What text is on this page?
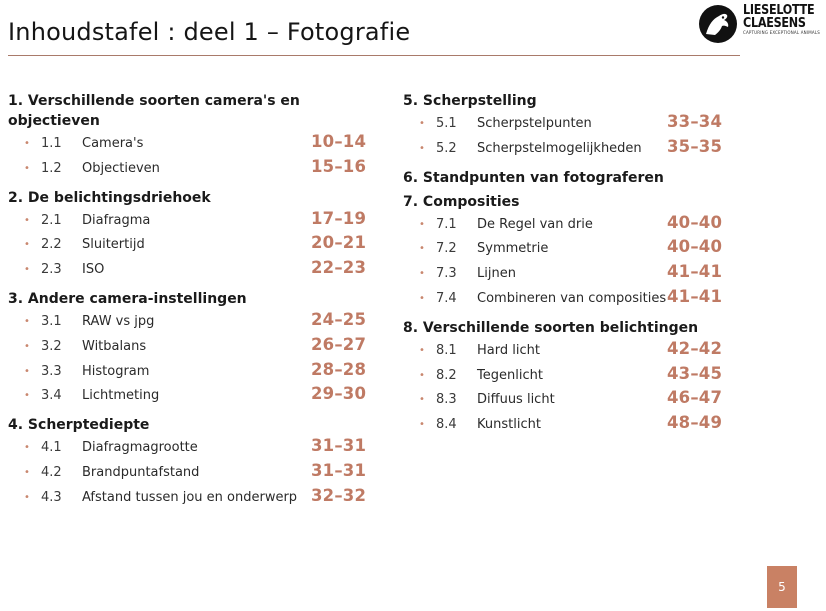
Inhoudstafel : deel 1 – Fotografie
LIESELOTTE
CLAESENS
CAPTURING EXCEPTIONAL ANIMALS
1. Verschillende soorten camera's en objectieven
• 1.1 Camera's	10–14
• 1.2 Objectieven	15–16
2. De belichtingsdriehoek
• 2.1 Diafragma	17–19
• 2.2 Sluitertijd	20–21
• 2.3 ISO	22–23
3. Andere camera-instellingen
• 3.1 RAW vs jpg	24–25
• 3.2 Witbalans	26–27
• 3.3 Histogram	28–28
• 3.4 Lichtmeting	29–30
4. Scherptediepte
• 4.1 Diafragmagrootte	31–31
• 4.2 Brandpuntafstand	31–31
• 4.3 Afstand tussen jou en onderwerp 32–32
5. Scherpstelling
• 5.1 Scherpstelpunten	33–34
• 5.2 Scherpstelmogelijkheden 35–35
6. Standpunten van fotograferen
7. Composities
• 7.1 De Regel van drie	40–40
• 7.2 Symmetrie	40–40
• 7.3 Lijnen	41–41
• 7.4 Combineren van composities 41–41
8. Verschillende soorten belichtingen
• 8.1 Hard licht	42–42
• 8.2 Tegenlicht	43–45
• 8.3 Diffuus licht	46–47
• 8.4 Kunstlicht	48–49
5
